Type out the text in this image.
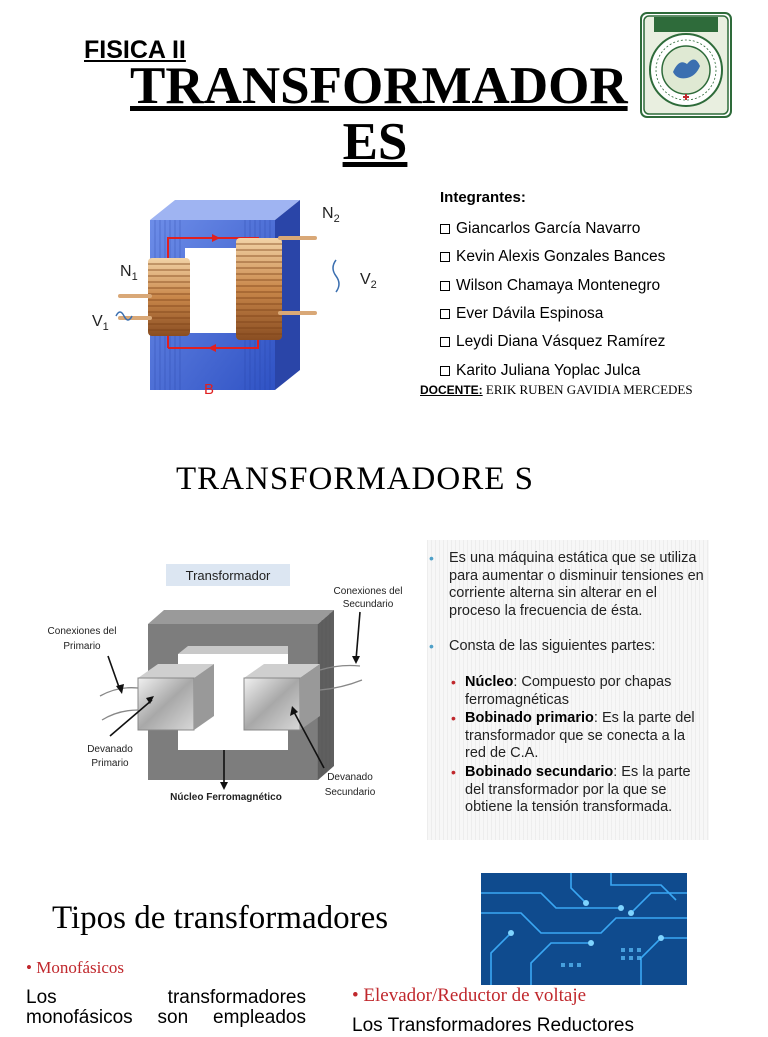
FISICA II
TRANSFORMADOR ES
$N_1$
$V_1$
$N_2$
$V_2$
B
Integrantes:
Giancarlos García Navarro
Kevin Alexis Gonzales Bances
Wilson Chamaya Montenegro
Ever Dávila Espinosa
Leydi Diana Vásquez Ramírez
Karito Juliana Yoplac Julca
DOCENTE: ERIK RUBEN GAVIDIA MERCEDES
TRANSFORMADORE S
Transformador
Conexiones del Secundario
Conexiones del Primario
Devanado Primario
Núcleo Ferromagnético
Devanado Secundario
• Es una máquina estática que se utiliza para aumentar o disminuir tensiones en corriente alterna sin alterar en el proceso la frecuencia de ésta.
• Consta de las siguientes partes:
• Núcleo: Compuesto por chapas ferromagnéticas
• Bobinado primario: Es la parte del transformador que se conecta a la red de C.A.
• Bobinado secundario: Es la parte del transformador por la que se obtiene la tensión transformada.
Tipos de transformadores
• Monofásicos
Los transformadores monofásicos son empleados
• Elevador/Reductor de voltaje
Los Transformadores Reductores
